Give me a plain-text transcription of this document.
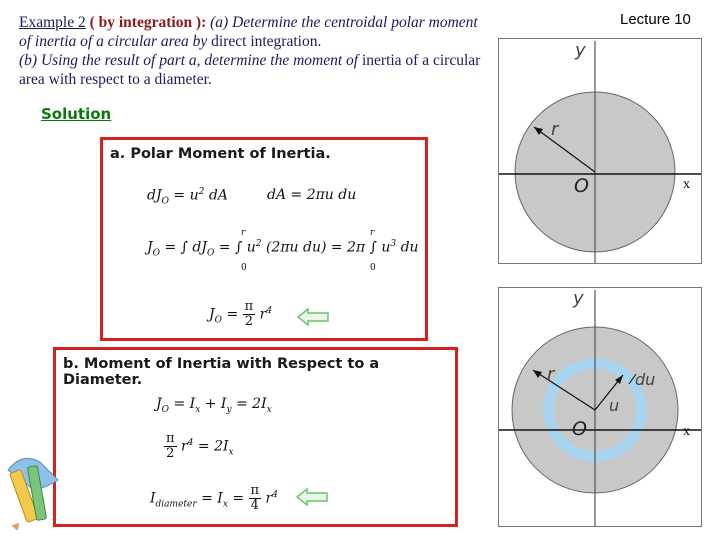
Example 2 ( by integration ): (a) Determine the centroidal polar moment of inertia of a circular area by direct integration.
(b) Using the result of part a, determine the moment of inertia of a circular area with respect to a diameter.
Solution
Lecture 10
a. Polar Moment of Inertia.
$dJ_O = u^2$ dA	dA = 2πu du
$J_O$ = ∫ $dJ_O$ = ∫ $u^2$ (2πu du) = 2π ∫ $u^3$ du
r
0
r
0
$J_O = \frac{\pi}{2} r^4$
b. Moment of Inertia with Respect to a Diameter.
$J_O = I_x + I_y = 2I_x$
$\frac{\pi}{2} r^4 = 2I_x$
$I_{diameter} = I_x = \frac{\pi}{4} r^4$
y
r
O	x
y
r	du
u
O	x
